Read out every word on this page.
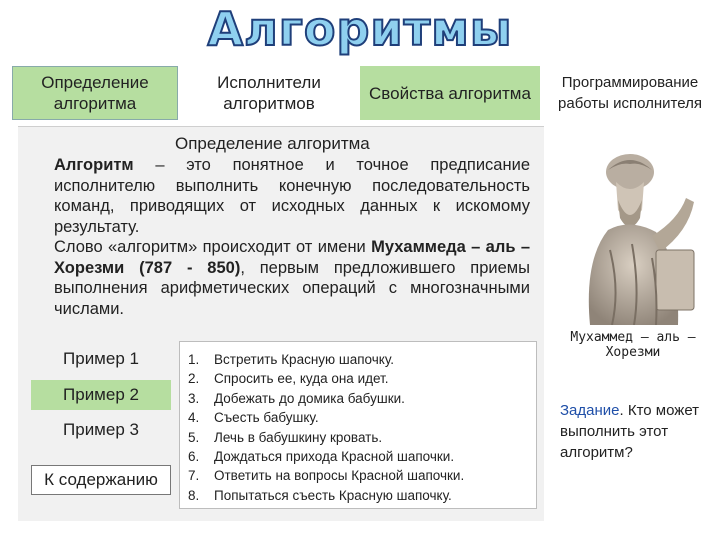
Алгоритмы
Определение алгоритма
Исполнители алгоритмов
Свойства алгоритма
Программирование работы исполнителя
Определение алгоритма

Алгоритм – это понятное и точное предписание исполнителю выполнить конечную последовательность команд, приводящих от исходных данных к искомому результату.

Слово «алгоритм» происходит от имени Мухаммеда – аль – Хорезми (787 - 850), первым предложившего приемы выполнения арифметических операций с многозначными числами.

Пример 1
Пример 2
Пример 3
К содержанию
1. Встретить Красную шапочку.
2. Спросить ее, куда она идет.
3. Добежать до домика бабушки.
4. Съесть бабушку.
5. Лечь в бабушкину кровать.
6. Дождаться прихода Красной шапочки.
7. Ответить на вопросы Красной шапочки.
8. Попытаться съесть Красную шапочку.
Мухаммед – аль – Хорезми
Задание. Кто может выполнить этот алгоритм?
